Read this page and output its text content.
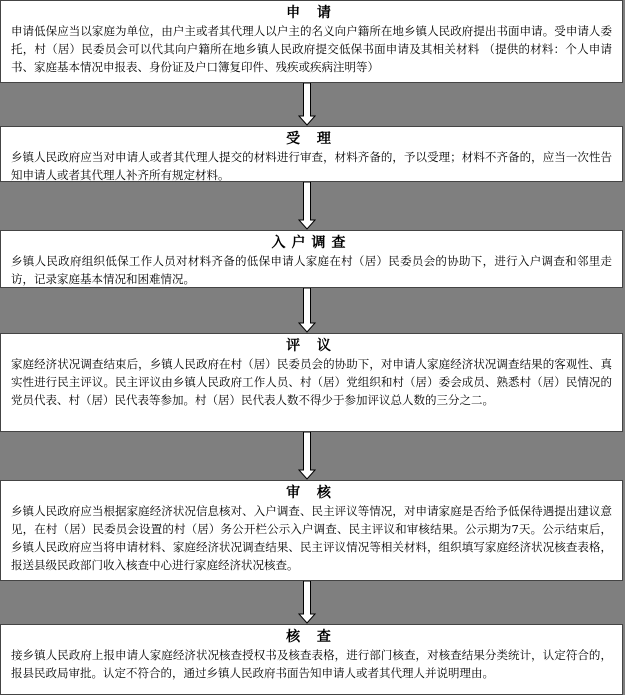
申 请

申请低保应当以家庭为单位，由户主或者其代理人以户主的名义向户籍所在地乡镇人民政府提出书面申请。受申请人委托，村（居）民委员会可以代其向户籍所在地乡镇人民政府提交低保书面申请及其相关材料 （提供的材料：个人申请书、家庭基本情况申报表、身份证及户口簿复印件、残疾或疾病注明等）

受 理

乡镇人民政府应当对申请人或者其代理人提交的材料进行审查，材料齐备的，予以受理；材料不齐备的，应当一次性告知申请人或者其代理人补齐所有规定材料。

入户调查

乡镇人民政府组织低保工作人员对材料齐备的低保申请人家庭在村（居）民委员会的协助下，进行入户调查和邻里走访，记录家庭基本情况和困难情况。

评 议

家庭经济状况调查结束后，乡镇人民政府在村（居）民委员会的协助下，对申请人家庭经济状况调查结果的客观性、真实性进行民主评议。民主评议由乡镇人民政府工作人员、村（居）党组织和村（居）委会成员、熟悉村（居）民情况的党员代表、村（居）民代表等参加。村（居）民代表人数不得少于参加评议总人数的三分之二。

审 核

乡镇人民政府应当根据家庭经济状况信息核对、入户调查、民主评议等情况，对申请家庭是否给予低保待遇提出建议意见，在村（居）民委员会设置的村（居）务公开栏公示入户调查、民主评议和审核结果。公示期为7天。公示结束后，乡镇人民政府应当将申请材料、家庭经济状况调查结果、民主评议情况等相关材料，组织填写家庭经济状况核查表格，报送县级民政部门收入核查中心进行家庭经济状况核查。

核 查

接乡镇人民政府上报申请人家庭经济状况核查授权书及核查表格，进行部门核查，对核查结果分类统计，认定符合的，报县民政局审批。认定不符合的，通过乡镇人民政府书面告知申请人或者其代理人并说明理由。
